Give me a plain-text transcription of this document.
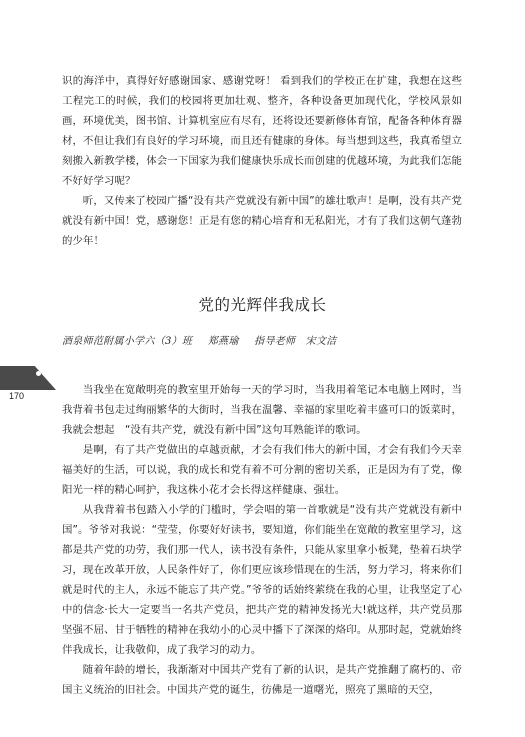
识的海洋中，真得好好感谢国家、感谢党呀！ 看到我们的学校正在扩建，我想在这些工程完工的时候，我们的校园将更加壮观、整齐，各种设备更加现代化，学校风景如画，环境优美，图书馆、计算机室应有尽有，还将设还要新修体育馆，配备各种体育器材，不但让我们有良好的学习环境，而且还有健康的身体。每当想到这些，我真希望立刻搬入新教学楼，体会一下国家为我们健康快乐成长而创建的优越环境，为此我们怎能不好好学习呢？

听，又传来了校园广播“没有共产党就没有新中国”的雄壮歌声！是啊，没有共产党就没有新中国！党，感谢您！正是有您的精心培育和无私阳光，才有了我们这朝气蓬勃的少年！

党的光辉伴我成长

酒泉师范附属小学六（3）班 郑燕瑜 指导老师　宋文洁

170	当我坐在宽敞明亮的教室里开始每一天的学习时，当我用着笔记本电脑上网时，当我背着书包走过绚丽繁华的大街时，当我在温馨、幸福的家里吃着丰盛可口的饭菜时，我就会想起　“没有共产党，就没有新中国”这句耳熟能详的歌词。

是啊，有了共产党做出的卓越贡献，才会有我们伟大的新中国，才会有我们今天幸福美好的生活，可以说，我的成长和党有着不可分割的密切关系，正是因为有了党，像阳光一样的精心呵护，我这株小花才会长得这样健康、强壮。

从我背着书包踏入小学的门槛时，学会唱的第一首歌就是“没有共产党就没有新中国”。爷爷对我说：“莹莹，你要好好读书，要知道，你们能坐在宽敞的教室里学习，这都是共产党的功劳，我们那一代人，读书没有条件，只能从家里拿小板凳，垫着石块学习，现在改革开放，人民条件好了，你们更应该珍惜现在的生活，努力学习，将来你们就是时代的主人，永远不能忘了共产党。”爷爷的话始终萦绕在我的心里，让我坚定了心中的信念·长大一定要当一名共产党员，把共产党的精神发扬光大!就这样，共产党员那坚强不屈、甘于牺牲的精神在我幼小的心灵中播下了深深的烙印。从那时起，党就始终伴我成长，让我敬仰，成了我学习的动力。

随着年龄的增长，我渐渐对中国共产党有了新的认识，是共产党推翻了腐朽的、帝国主义统治的旧社会。中国共产党的诞生，彷佛是一道曙光，照亮了黑暗的天空，
